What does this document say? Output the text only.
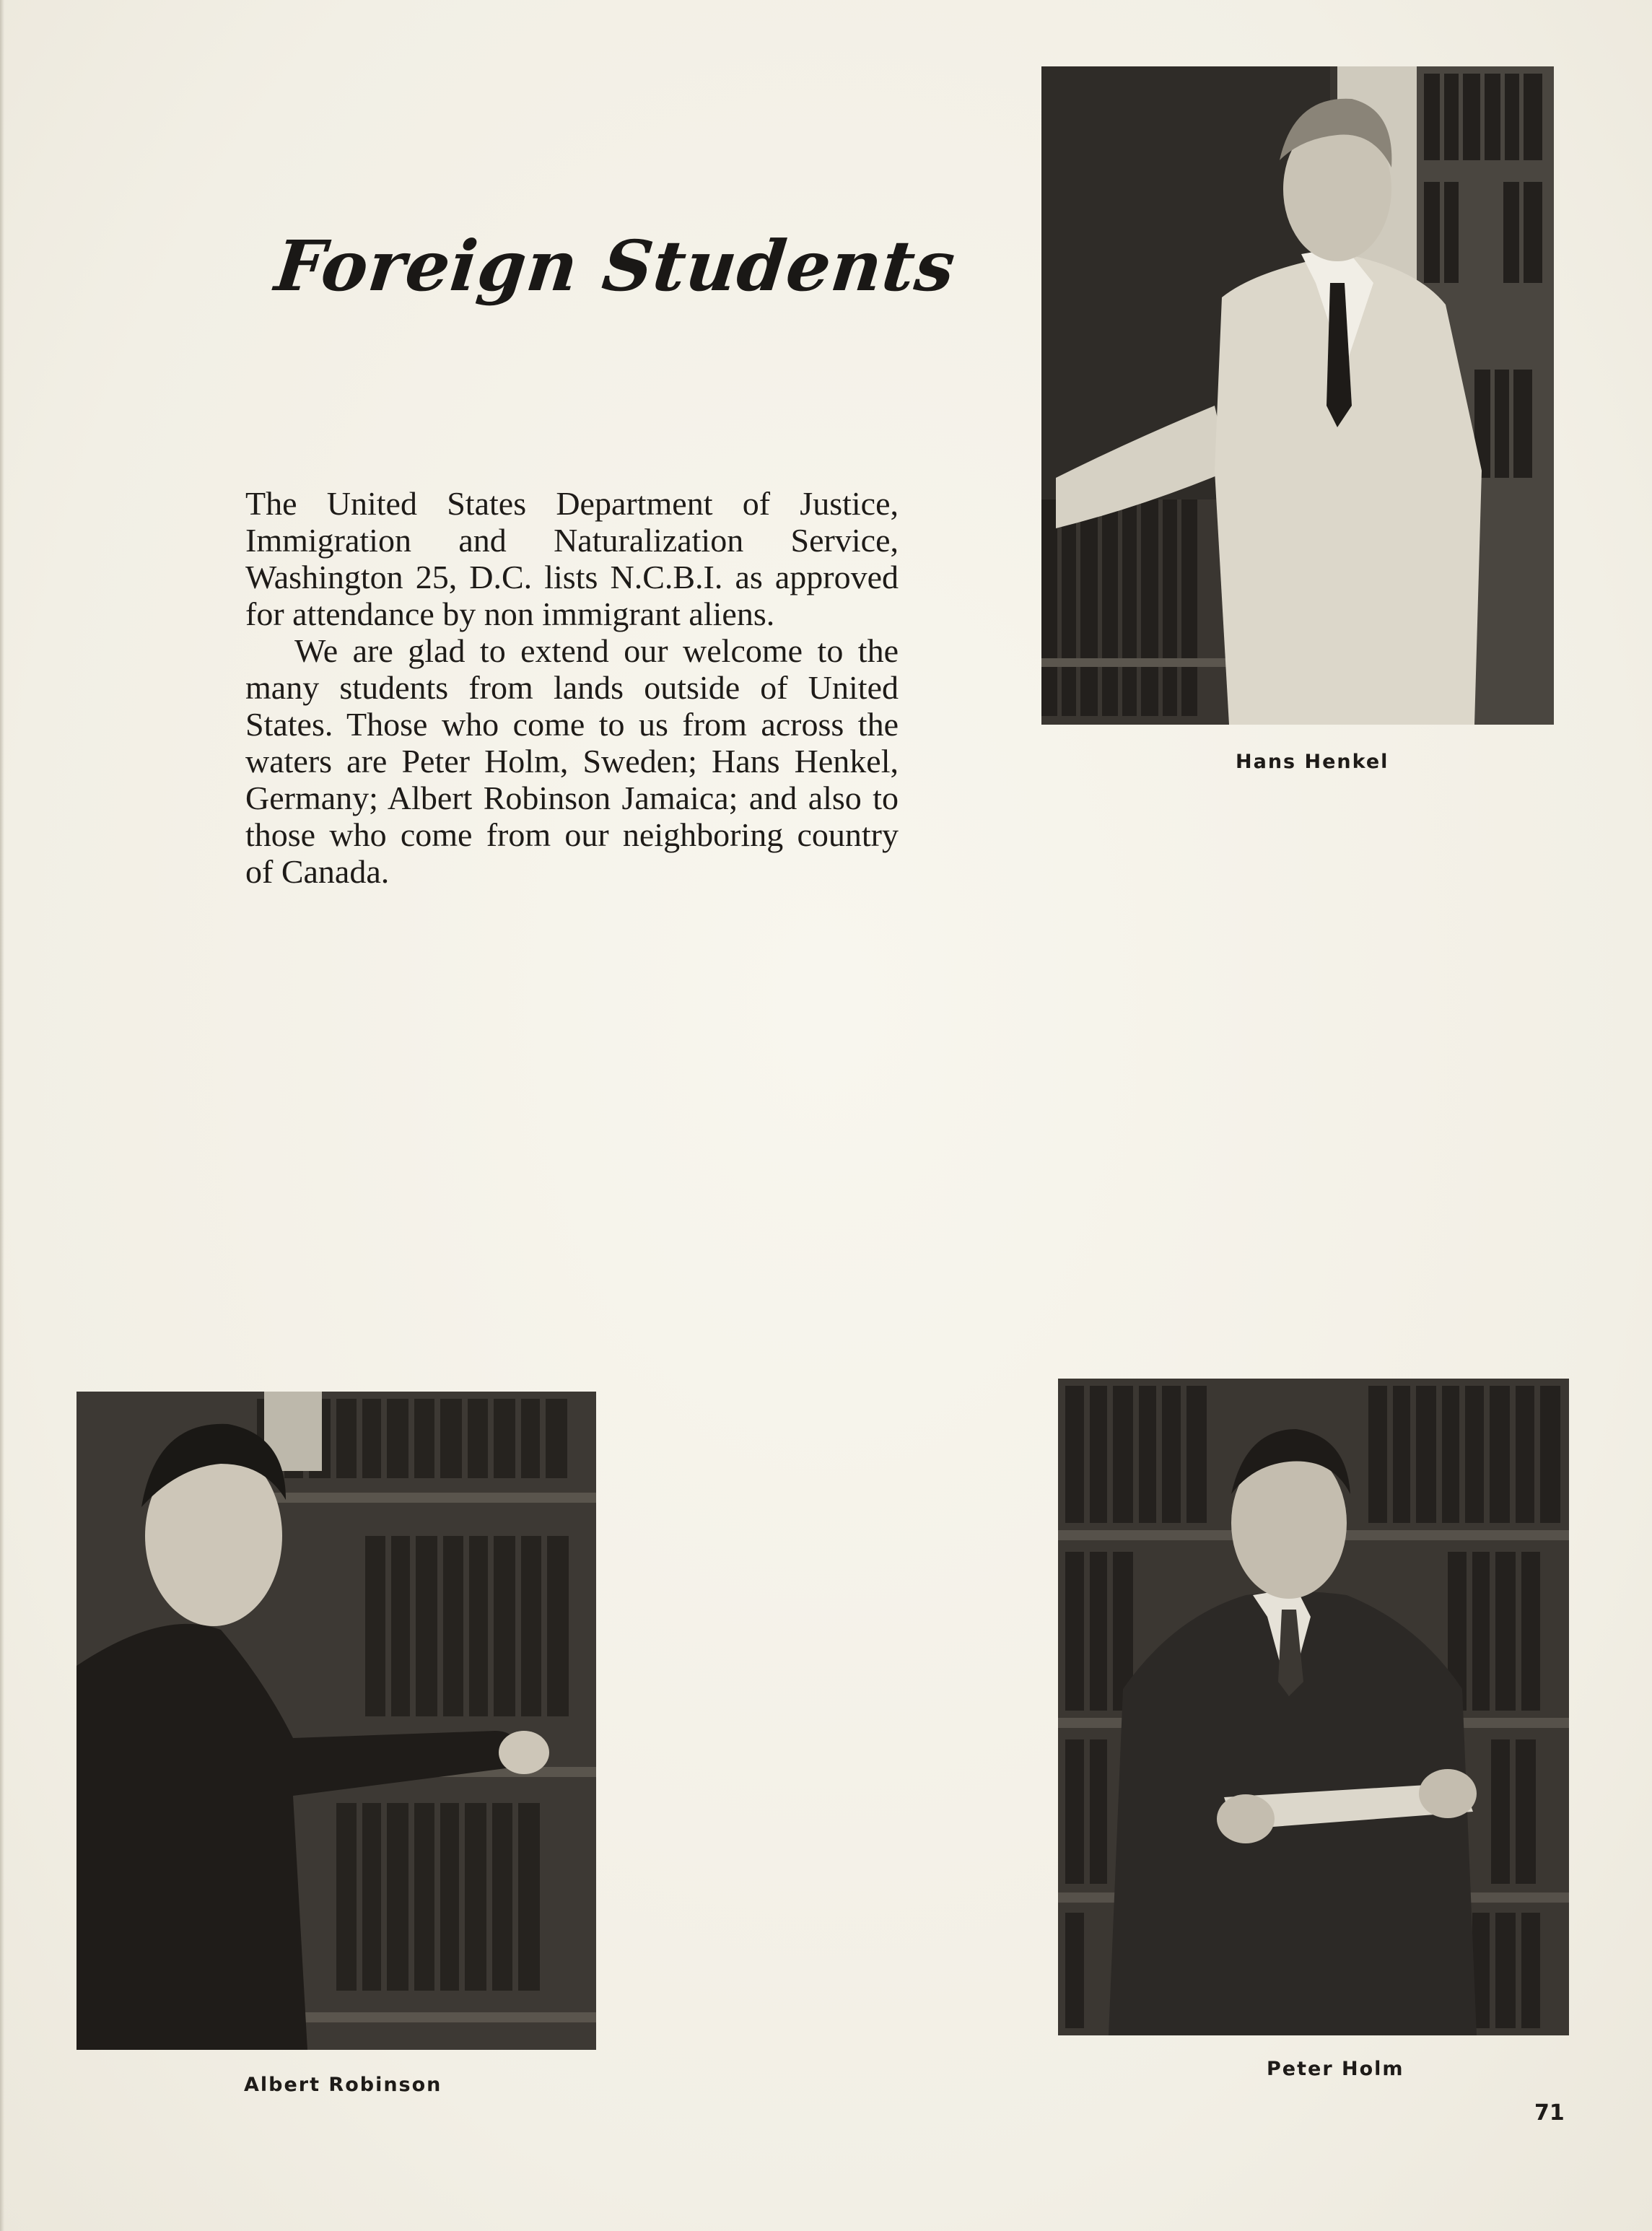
Foreign Students

The United States Department of Justice, Immigration and Naturalization Service, Washington 25, D.C. lists N.C.B.I. as approved for attendance by non immigrant aliens.

We are glad to extend our welcome to the many students from lands outside of United States. Those who come to us from across the waters are Peter Holm, Sweden; Hans Henkel, Germany; Albert Robinson Jamaica; and also to those who come from our neighboring country of Canada.

Hans Henkel
Albert Robinson
Peter Holm
71
